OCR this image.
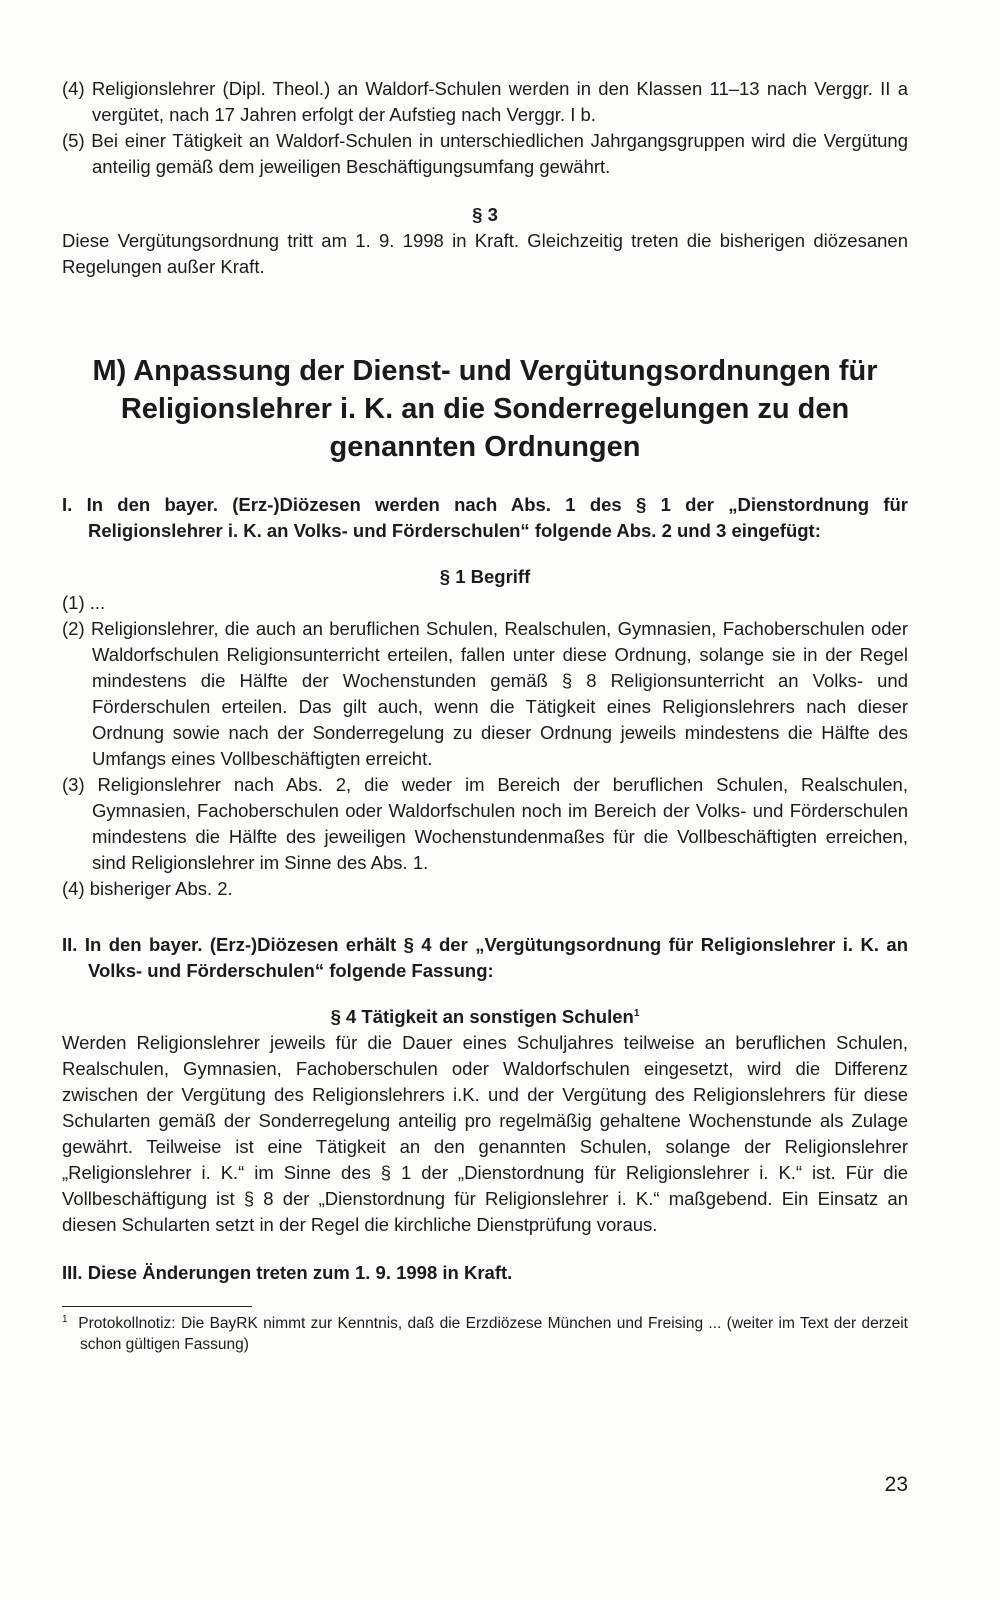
(4) Religionslehrer (Dipl. Theol.) an Waldorf-Schulen werden in den Klassen 11–13 nach Verggr. II a vergütet, nach 17 Jahren erfolgt der Aufstieg nach Verggr. I b.

(5) Bei einer Tätigkeit an Waldorf-Schulen in unterschiedlichen Jahrgangsgruppen wird die Vergütung anteilig gemäß dem jeweiligen Beschäftigungsumfang gewährt.

§ 3

Diese Vergütungsordnung tritt am 1. 9. 1998 in Kraft. Gleichzeitig treten die bisherigen diözesanen Regelungen außer Kraft.

M) Anpassung der Dienst- und Vergütungsordnungen für Religionslehrer i. K. an die Sonderregelungen zu den genannten Ordnungen

I. In den bayer. (Erz-)Diözesen werden nach Abs. 1 des § 1 der „Dienstordnung für Religionslehrer i. K. an Volks- und Förderschulen“ folgende Abs. 2 und 3 eingefügt:

§ 1 Begriff

(1) ...

(2) Religionslehrer, die auch an beruflichen Schulen, Realschulen, Gymnasien, Fachoberschulen oder Waldorfschulen Religionsunterricht erteilen, fallen unter diese Ordnung, solange sie in der Regel mindestens die Hälfte der Wochenstunden gemäß § 8 Religionsunterricht an Volks- und Förderschulen erteilen. Das gilt auch, wenn die Tätigkeit eines Religionslehrers nach dieser Ordnung sowie nach der Sonderregelung zu dieser Ordnung jeweils mindestens die Hälfte des Umfangs eines Vollbeschäftigten erreicht.

(3) Religionslehrer nach Abs. 2, die weder im Bereich der beruflichen Schulen, Realschulen, Gymnasien, Fachoberschulen oder Waldorfschulen noch im Bereich der Volks- und Förderschulen mindestens die Hälfte des jeweiligen Wochenstundenmaßes für die Vollbeschäftigten erreichen, sind Religionslehrer im Sinne des Abs. 1.

(4) bisheriger Abs. 2.

II. In den bayer. (Erz-)Diözesen erhält § 4 der „Vergütungsordnung für Religionslehrer i. K. an Volks- und Förderschulen“ folgende Fassung:

§ 4 Tätigkeit an sonstigen Schulen$^1$

Werden Religionslehrer jeweils für die Dauer eines Schuljahres teilweise an beruflichen Schulen, Realschulen, Gymnasien, Fachoberschulen oder Waldorfschulen eingesetzt, wird die Differenz zwischen der Vergütung des Religionslehrers i.K. und der Vergütung des Religionslehrers für diese Schularten gemäß der Sonderregelung anteilig pro regelmäßig gehaltene Wochenstunde als Zulage gewährt. Teilweise ist eine Tätigkeit an den genannten Schulen, solange der Religionslehrer „Religionslehrer i. K.“ im Sinne des § 1 der „Dienstordnung für Religionslehrer i. K.“ ist. Für die Vollbeschäftigung ist § 8 der „Dienstordnung für Religionslehrer i. K.“ maßgebend. Ein Einsatz an diesen Schularten setzt in der Regel die kirchliche Dienstprüfung voraus.

III. Diese Änderungen treten zum 1. 9. 1998 in Kraft.

$^1$ Protokollnotiz: Die BayRK nimmt zur Kenntnis, daß die Erzdiözese München und Freising ... (weiter im Text der derzeit schon gültigen Fassung)

23
